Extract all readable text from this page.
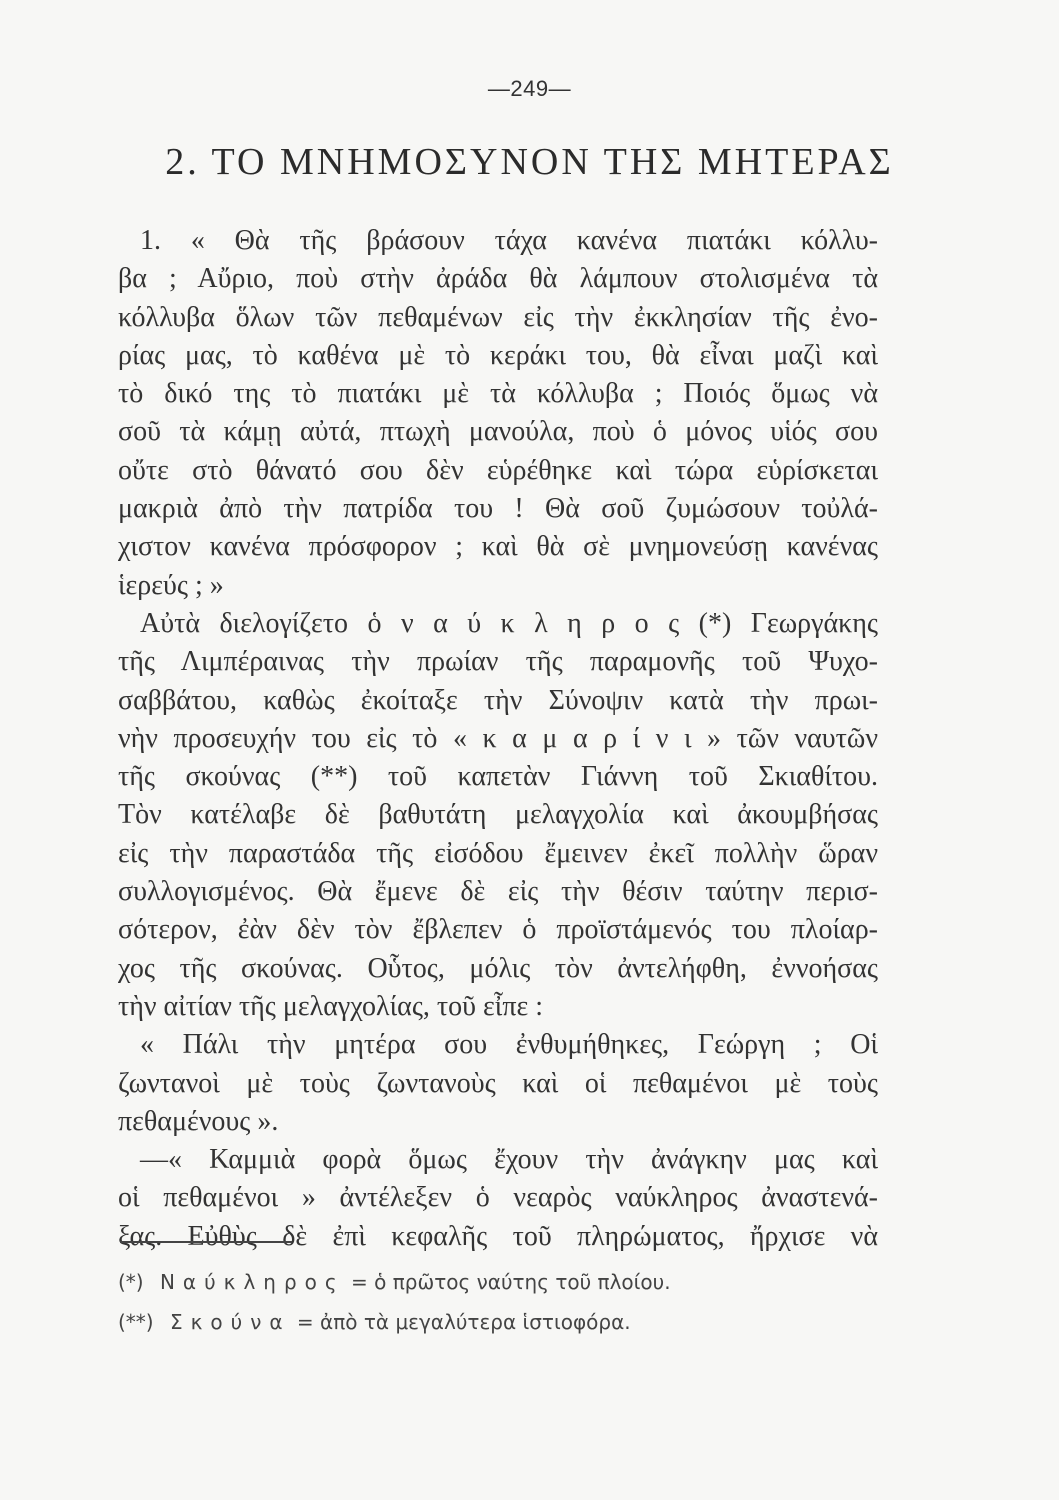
—249—
2. ΤΟ ΜΝΗΜΟΣΥΝΟΝ ΤΗΣ ΜΗΤΕΡΑΣ
1. « Θὰ τῆς βράσουν τάχα κανένα πιατάκι κόλλυ-
βα ; Αὔριο, ποὺ στὴν ἀράδα θὰ λάμπουν στολισμένα τὰ
κόλλυβα ὅλων τῶν πεθαμένων εἰς τὴν ἐκκλησίαν τῆς ἐνο-
ρίας μας, τὸ καθένα μὲ τὸ κεράκι του, θὰ εἶναι μαζὶ καὶ
τὸ δικό της τὸ πιατάκι μὲ τὰ κόλλυβα ; Ποιός ὅμως νὰ
σοῦ τὰ κάμῃ αὐτά, πτωχὴ μανούλα, ποὺ ὁ μόνος υἱός σου
οὔτε στὸ θάνατό σου δὲν εὑρέθηκε καὶ τώρα εὑρίσκεται
μακριὰ ἀπὸ τὴν πατρίδα του ! Θὰ σοῦ ζυμώσουν τοὐλά-
χιστον κανένα πρόσφορον ; καὶ θὰ σὲ μνημονεύσῃ κανένας
ἱερεύς ; »
Αὐτὰ διελογίζετο ὁ ν α ύ κ λ η ρ ο ς (*) Γεωργάκης
τῆς Λιμπέραινας τὴν πρωίαν τῆς παραμονῆς τοῦ Ψυχο-
σαββάτου, καθὼς ἐκοίταξε τὴν Σύνοψιν κατὰ τὴν πρωι-
νὴν προσευχήν του εἰς τὸ « κ α μ α ρ ί ν ι » τῶν ναυτῶν
τῆς σκούνας (**) τοῦ καπετὰν Γιάννη τοῦ Σκιαθίτου.
Τὸν κατέλαβε δὲ βαθυτάτη μελαγχολία καὶ ἀκουμβήσας
εἰς τὴν παραστάδα τῆς εἰσόδου ἔμεινεν ἐκεῖ πολλὴν ὥραν
συλλογισμένος. Θὰ ἔμενε δὲ εἰς τὴν θέσιν ταύτην περισ-
σότερον, ἐὰν δὲν τὸν ἔβλεπεν ὁ προϊστάμενός του πλοίαρ-
χος τῆς σκούνας. Οὗτος, μόλις τὸν ἀντελήφθη, ἐννοήσας
τὴν αἰτίαν τῆς μελαγχολίας, τοῦ εἶπε :
« Πάλι τὴν μητέρα σου ἐνθυμήθηκες, Γεώργη ; Οἱ
ζωντανοὶ μὲ τοὺς ζωντανοὺς καὶ οἱ πεθαμένοι μὲ τοὺς
πεθαμένους ».
—« Καμμιὰ φορὰ ὅμως ἔχουν τὴν ἀνάγκην μας καὶ
οἱ πεθαμένοι » ἀντέλεξεν ὁ νεαρὸς ναύκληρος ἀναστενά-
ξας. Εὐθὺς δὲ ἐπὶ κεφαλῆς τοῦ πληρώματος, ἤρχισε νὰ
(*) Ναύκληρος = ὁ πρῶτος ναύτης τοῦ πλοίου.
(**) Σκούνα = ἀπὸ τὰ μεγαλύτερα ἱστιοφόρα.
